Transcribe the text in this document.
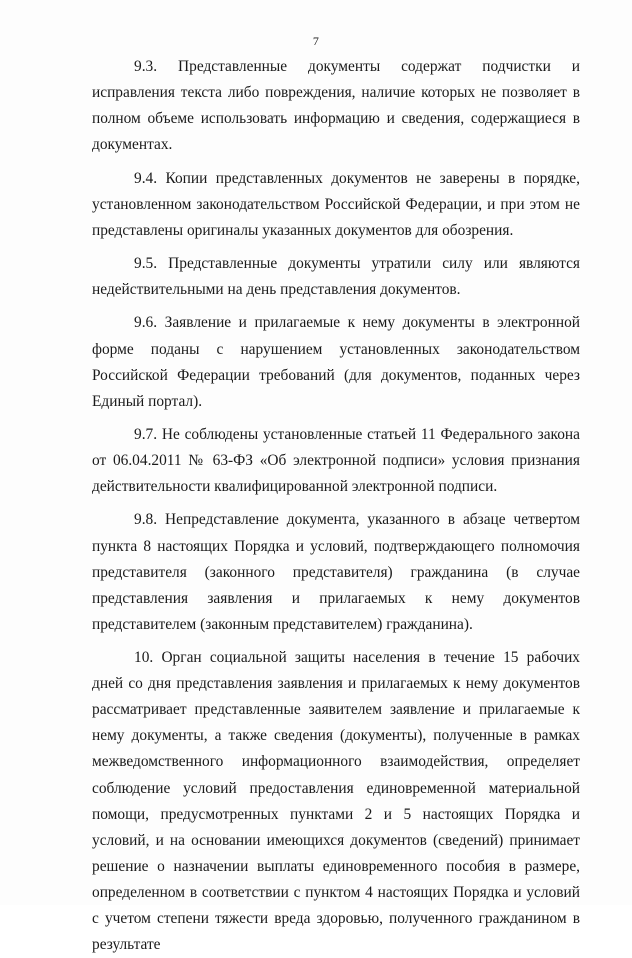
7

9.3. Представленные документы содержат подчистки и исправления текста либо повреждения, наличие которых не позволяет в полном объеме использовать информацию и сведения, содержащиеся в документах.

9.4. Копии представленных документов не заверены в порядке, установленном законодательством Российской Федерации, и при этом не представлены оригиналы указанных документов для обозрения.

9.5. Представленные документы утратили силу или являются недействительными на день представления документов.

9.6. Заявление и прилагаемые к нему документы в электронной форме поданы с нарушением установленных законодательством Российской Федерации требований (для документов, поданных через Единый портал).

9.7. Не соблюдены установленные статьей 11 Федерального закона от 06.04.2011 № 63-ФЗ «Об электронной подписи» условия признания действительности квалифицированной электронной подписи.

9.8. Непредставление документа, указанного в абзаце четвертом пункта 8 настоящих Порядка и условий, подтверждающего полномочия представителя (законного представителя) гражданина (в случае представления заявления и прилагаемых к нему документов представителем (законным представителем) гражданина).

10. Орган социальной защиты населения в течение 15 рабочих дней со дня представления заявления и прилагаемых к нему документов рассматривает представленные заявителем заявление и прилагаемые к нему документы, а также сведения (документы), полученные в рамках межведомственного информационного взаимодействия, определяет соблюдение условий предоставления единовременной материальной помощи, предусмотренных пунктами 2 и 5 настоящих Порядка и условий, и на основании имеющихся документов (сведений) принимает решение о назначении выплаты единовременного пособия в размере, определенном в соответствии с пунктом 4 настоящих Порядка и условий с учетом степени тяжести вреда здоровью, полученного гражданином в результате
